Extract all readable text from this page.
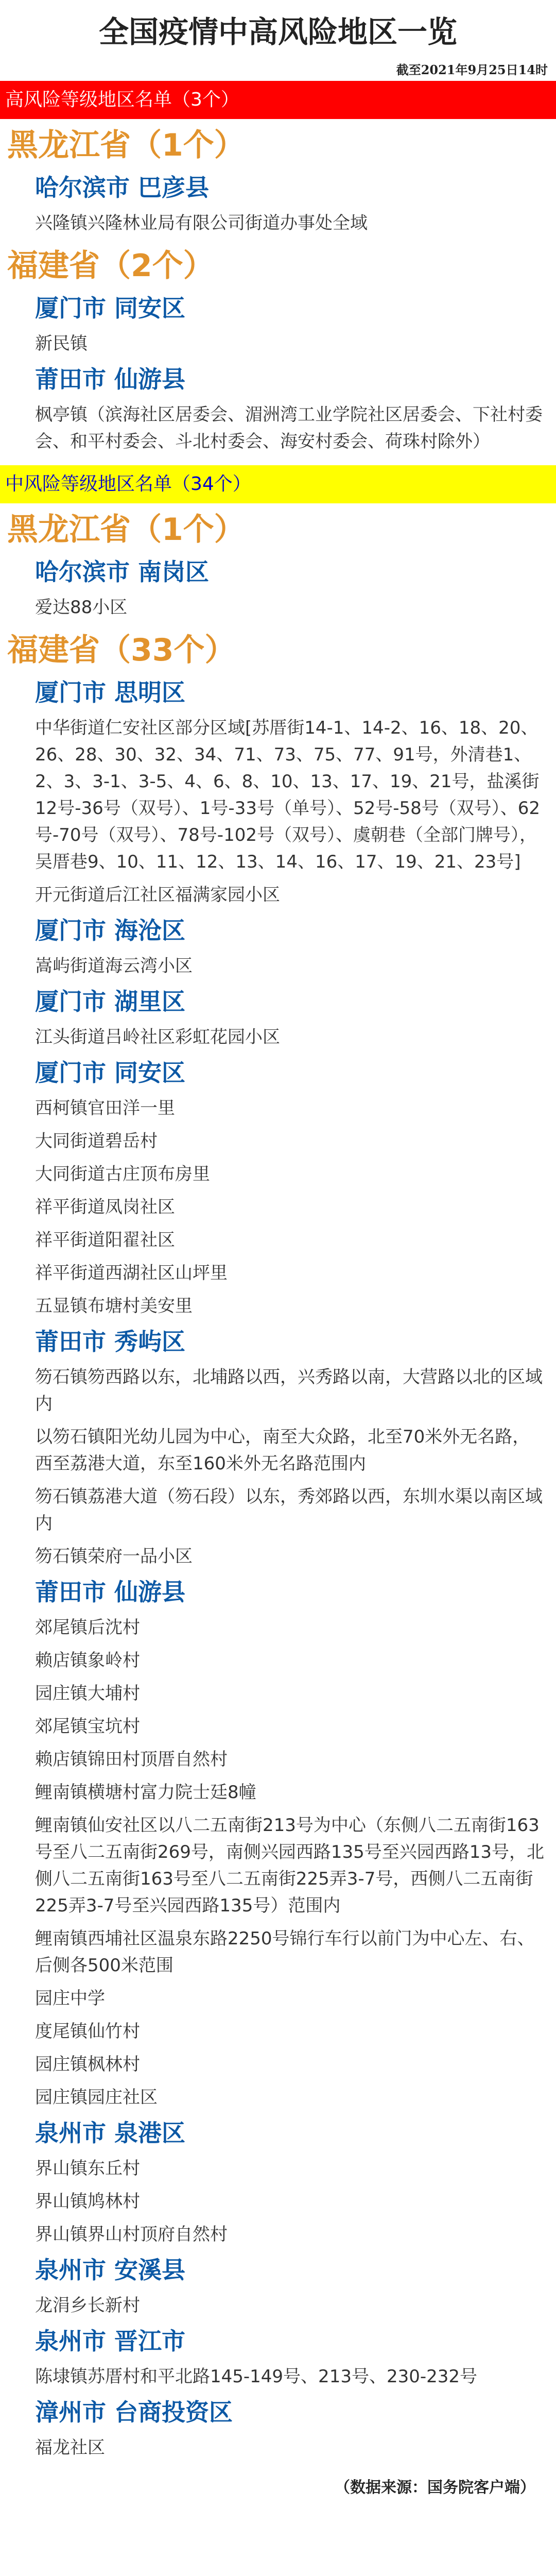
全国疫情中高风险地区一览
截至2021年9月25日14时
高风险等级地区名单（3个）
黑龙江省（1个）
哈尔滨市 巴彦县
兴隆镇兴隆林业局有限公司街道办事处全域
福建省（2个）
厦门市 同安区
新民镇
莆田市 仙游县
枫亭镇（滨海社区居委会、湄洲湾工业学院社区居委会、下社村委会、和平村委会、斗北村委会、海安村委会、荷珠村除外）
中风险等级地区名单（34个）
黑龙江省（1个）
哈尔滨市 南岗区
爱达88小区
福建省（33个）
厦门市 思明区
中华街道仁安社区部分区域[苏厝街14-1、14-2、16、18、20、26、28、30、32、34、71、73、75、77、91号，外清巷1、2、3、3-1、3-5、4、6、8、10、13、17、19、21号，盐溪街12号-36号（双号）、1号-33号（单号）、52号-58号（双号）、62号-70号（双号）、78号-102号（双号）、虞朝巷（全部门牌号），吴厝巷9、10、11、12、13、14、16、17、19、21、23号]
开元街道后江社区福满家园小区
厦门市 海沧区
嵩屿街道海云湾小区
厦门市 湖里区
江头街道吕岭社区彩虹花园小区
厦门市 同安区
西柯镇官田洋一里
大同街道碧岳村
大同街道古庄顶布房里
祥平街道凤岗社区
祥平街道阳翟社区
祥平街道西湖社区山坪里
五显镇布塘村美安里
莆田市 秀屿区
笏石镇笏西路以东，北埔路以西，兴秀路以南，大营路以北的区域内
以笏石镇阳光幼儿园为中心，南至大众路，北至70米外无名路，西至荔港大道，东至160米外无名路范围内
笏石镇荔港大道（笏石段）以东，秀郊路以西，东圳水渠以南区域内
笏石镇荣府一品小区
莆田市 仙游县
郊尾镇后沈村
赖店镇象岭村
园庄镇大埔村
郊尾镇宝坑村
赖店镇锦田村顶厝自然村
鲤南镇横塘村富力院士廷8幢
鲤南镇仙安社区以八二五南街213号为中心（东侧八二五南街163号至八二五南街269号，南侧兴园西路135号至兴园西路13号，北侧八二五南街163号至八二五南街225弄3-7号，西侧八二五南街225弄3-7号至兴园西路135号）范围内
鲤南镇西埔社区温泉东路2250号锦行车行以前门为中心左、右、后侧各500米范围
园庄中学
度尾镇仙竹村
园庄镇枫林村
园庄镇园庄社区
泉州市 泉港区
界山镇东丘村
界山镇鸠林村
界山镇界山村顶府自然村
泉州市 安溪县
龙涓乡长新村
泉州市 晋江市
陈埭镇苏厝村和平北路145-149号、213号、230-232号
漳州市 台商投资区
福龙社区
（数据来源：国务院客户端）
